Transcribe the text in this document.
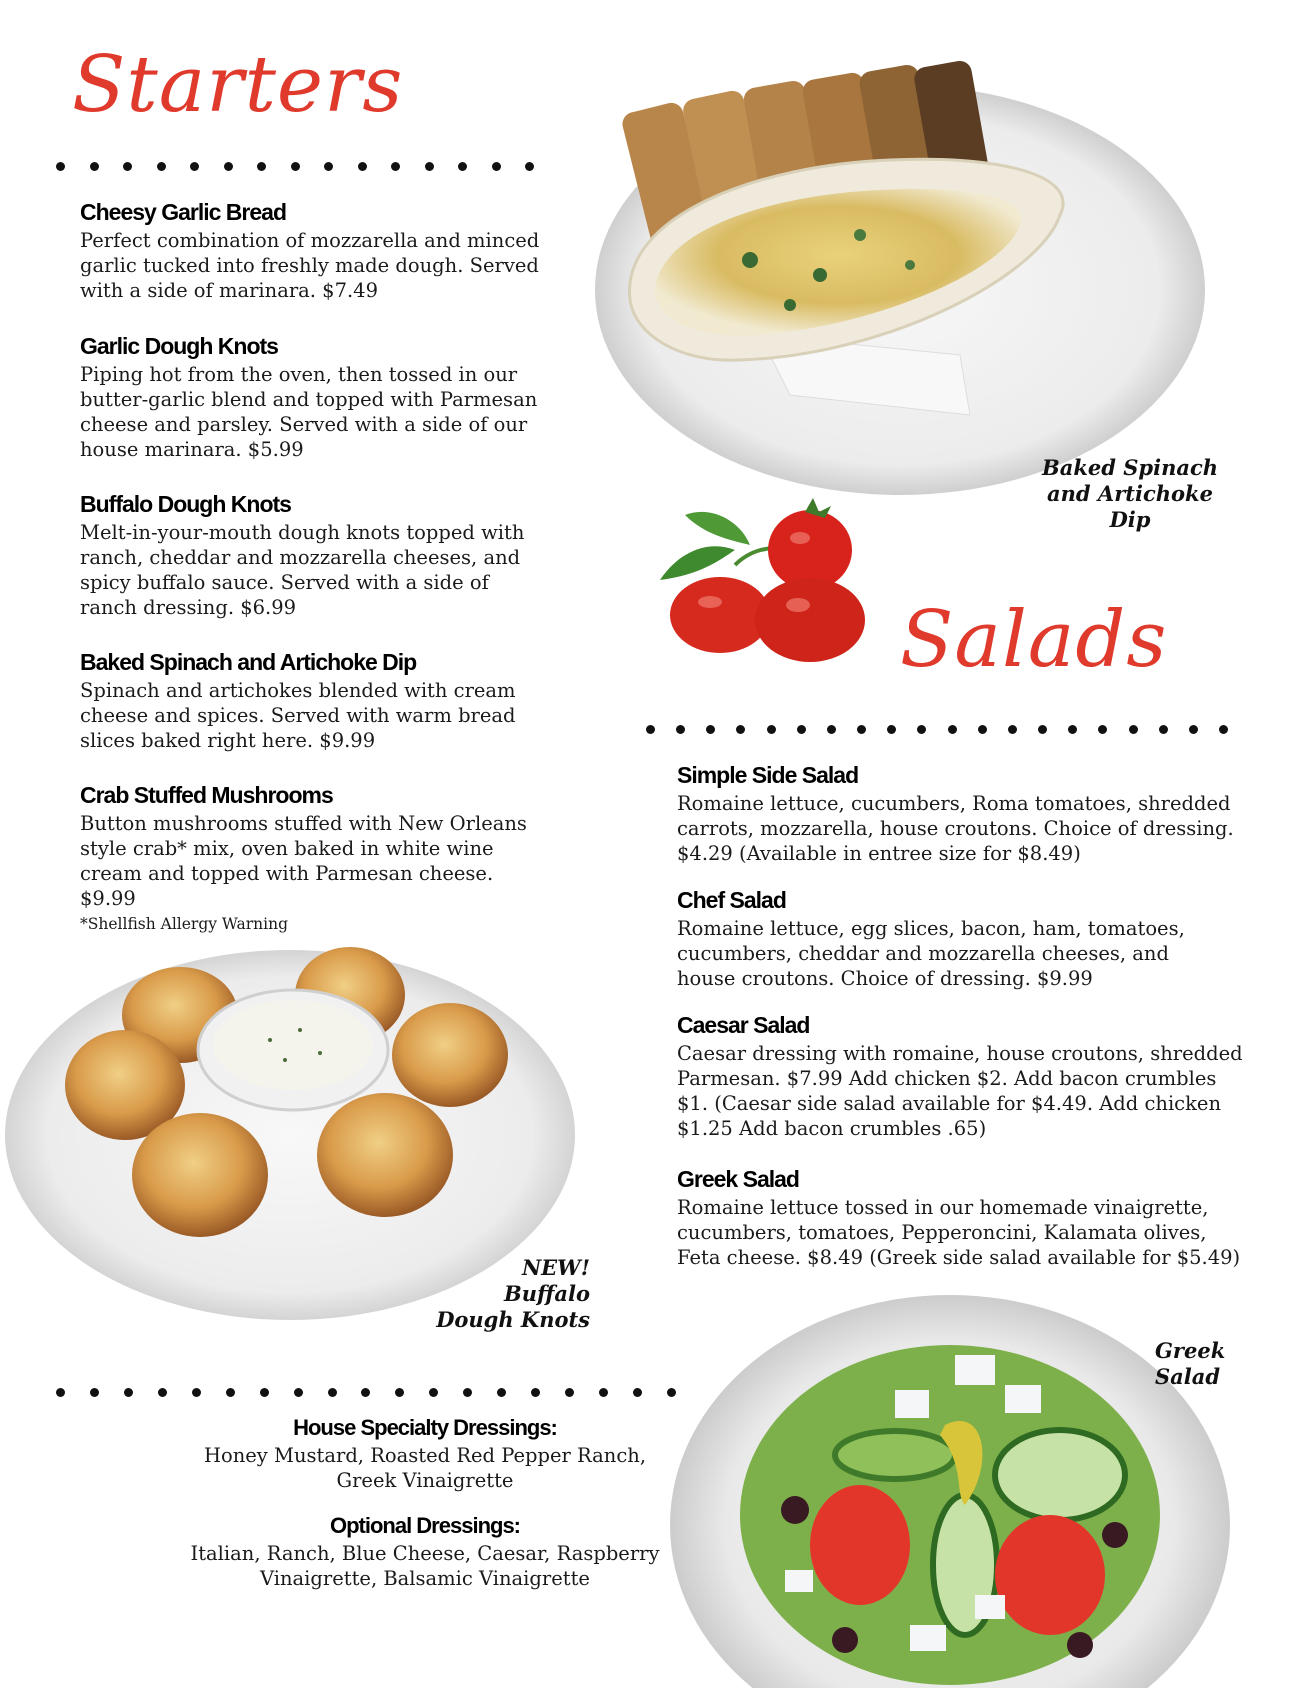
Starters
Cheesy Garlic Bread

Perfect combination of mozzarella and minced garlic tucked into freshly made dough. Served with a side of marinara. $7.49

Garlic Dough Knots

Piping hot from the oven, then tossed in our butter-garlic blend and topped with Parmesan cheese and parsley. Served with a side of our house marinara. $5.99

Buffalo Dough Knots

Melt-in-your-mouth dough knots topped with ranch, cheddar and mozzarella cheeses, and spicy buffalo sauce. Served with a side of ranch dressing. $6.99

Baked Spinach and Artichoke Dip

Spinach and artichokes blended with cream cheese and spices. Served with warm bread slices baked right here. $9.99

Crab Stuffed Mushrooms

Button mushrooms stuffed with New Orleans style crab* mix, oven baked in white wine cream and topped with Parmesan cheese. $9.99

*Shellfish Allergy Warning
Baked Spinach and Artichoke Dip
Salads
Simple Side Salad

Romaine lettuce, cucumbers, Roma tomatoes, shredded carrots, mozzarella, house croutons. Choice of dressing. $4.29 (Available in entree size for $8.49)

Chef Salad

Romaine lettuce, egg slices, bacon, ham, tomatoes, cucumbers, cheddar and mozzarella cheeses, and house croutons. Choice of dressing. $9.99

Caesar Salad

Caesar dressing with romaine, house croutons, shredded Parmesan. $7.99 Add chicken $2. Add bacon crumbles $1. (Caesar side salad available for $4.49. Add chicken $1.25 Add bacon crumbles .65)

Greek Salad

Romaine lettuce tossed in our homemade vinaigrette, cucumbers, tomatoes, Pepperoncini, Kalamata olives, Feta cheese. $8.49 (Greek side salad available for $5.49)

NEW! Buffalo Dough Knots
Greek Salad
House Specialty Dressings:

Honey Mustard, Roasted Red Pepper Ranch, Greek Vinaigrette

Optional Dressings:

Italian, Ranch, Blue Cheese, Caesar, Raspberry Vinaigrette, Balsamic Vinaigrette
